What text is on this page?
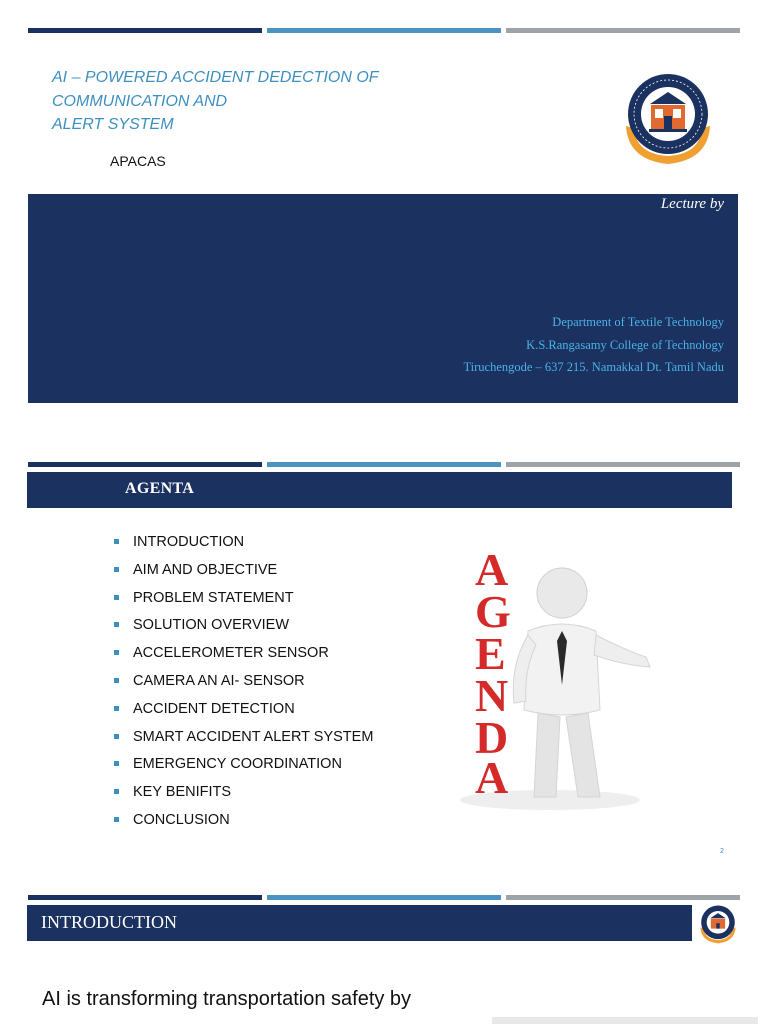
AI – POWERED ACCIDENT DEDECTION OF
COMMUNICATION AND
ALERT SYSTEM
APACAS
Lecture by
Department of Textile Technology
K.S.Rangasamy College of Technology
Tiruchengode – 637 215. Namakkal Dt. Tamil Nadu
AGENTA
INTRODUCTION
AIM AND OBJECTIVE
PROBLEM STATEMENT
SOLUTION OVERVIEW
ACCELEROMETER SENSOR
CAMERA AN AI- SENSOR
ACCIDENT DETECTION
SMART ACCIDENT ALERT SYSTEM
EMERGENCY COORDINATION
KEY BENIFITS
CONCLUSION
A
G
E
N
D
A
2
INTRODUCTION
AI is transforming transportation safety by
